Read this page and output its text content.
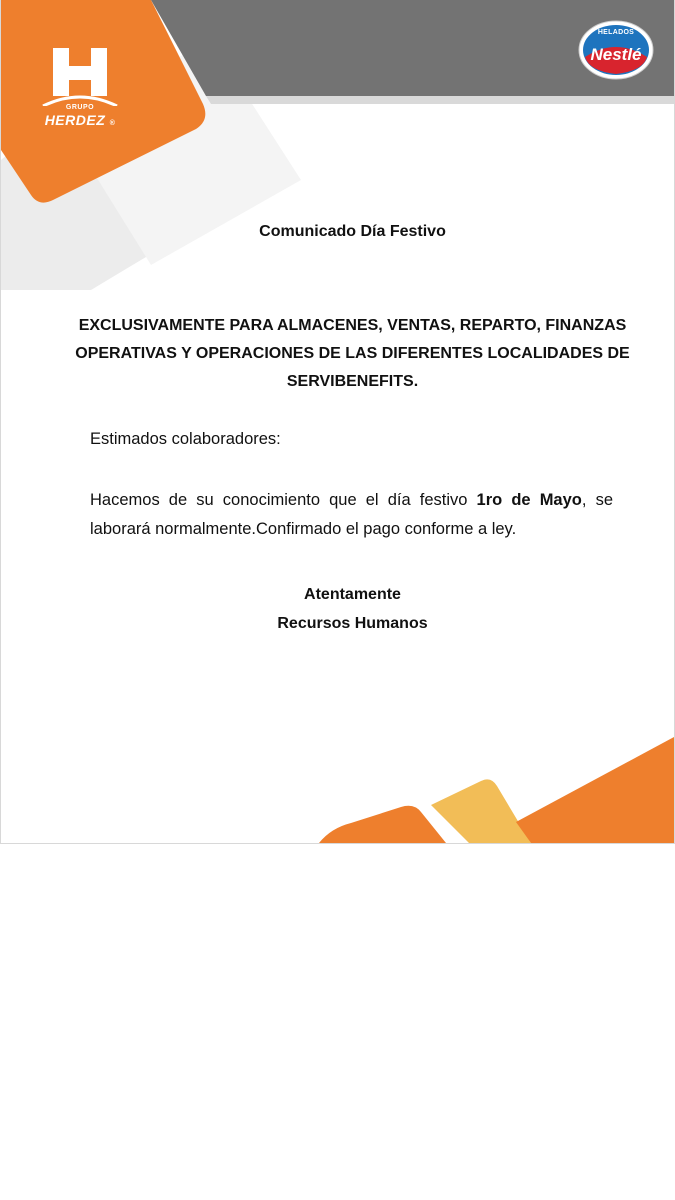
GRUPO
HERDEZ ®
HELADOS
Nestlé
Comunicado Día Festivo

EXCLUSIVAMENTE PARA ALMACENES, VENTAS, REPARTO, FINANZAS OPERATIVAS Y OPERACIONES DE LAS DIFERENTES LOCALIDADES DE SERVIBENEFITS.

Estimados colaboradores:

Hacemos de su conocimiento que el día festivo 1ro de Mayo, se laborará normalmente.Confirmado el pago conforme a ley.

Atentamente
Recursos Humanos
